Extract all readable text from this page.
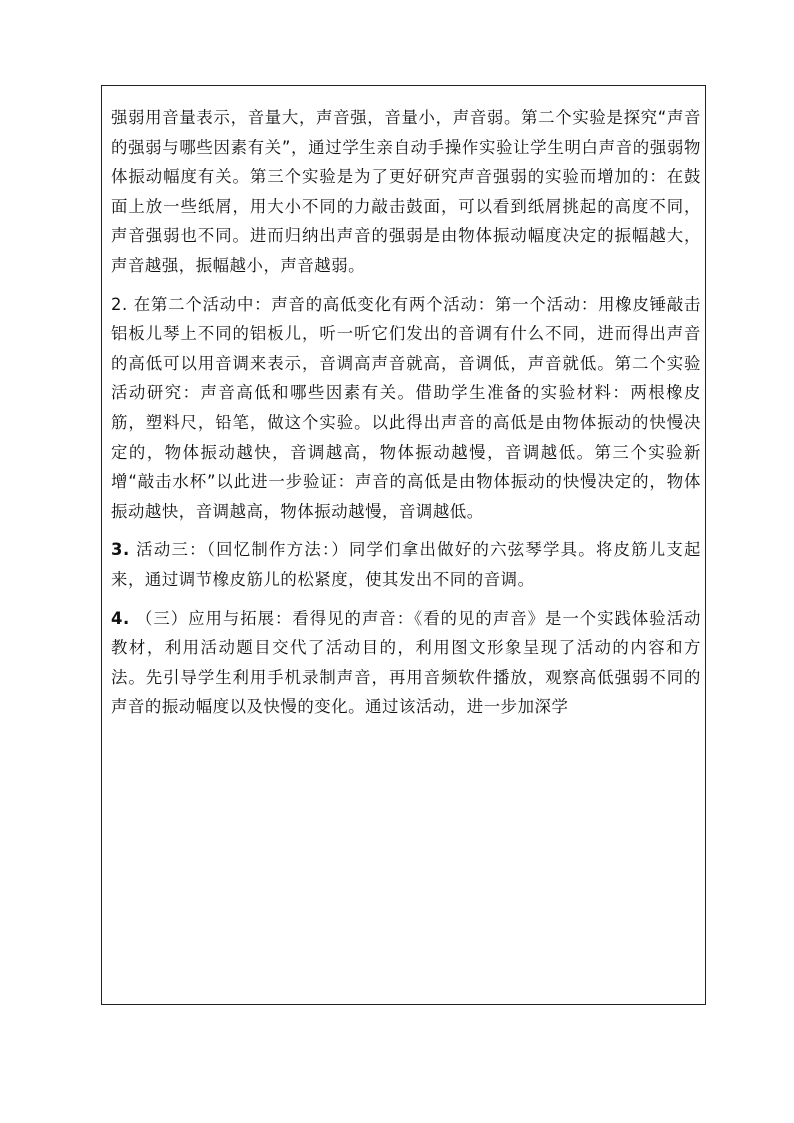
强弱用音量表示，音量大，声音强，音量小，声音弱。第二个实验是探究“声音的强弱与哪些因素有关”，通过学生亲自动手操作实验让学生明白声音的强弱物体振动幅度有关。第三个实验是为了更好研究声音强弱的实验而增加的：在鼓面上放一些纸屑，用大小不同的力敲击鼓面，可以看到纸屑挑起的高度不同，声音强弱也不同。进而归纳出声音的强弱是由物体振动幅度决定的振幅越大，声音越强，振幅越小，声音越弱。

2. 在第二个活动中：声音的高低变化有两个活动：第一个活动：用橡皮锤敲击铝板儿琴上不同的铝板儿，听一听它们发出的音调有什么不同，进而得出声音的高低可以用音调来表示，音调高声音就高，音调低，声音就低。第二个实验活动研究：声音高低和哪些因素有关。借助学生准备的实验材料：两根橡皮筋，塑料尺，铅笔，做这个实验。以此得出声音的高低是由物体振动的快慢决定的，物体振动越快，音调越高，物体振动越慢，音调越低。第三个实验新增“敲击水杯”以此进一步验证：声音的高低是由物体振动的快慢决定的，物体振动越快，音调越高，物体振动越慢，音调越低。

3. 活动三：（回忆制作方法：）同学们拿出做好的六弦琴学具。将皮筋儿支起来，通过调节橡皮筋儿的松紧度，使其发出不同的音调。

4. （三）应用与拓展：看得见的声音：《看的见的声音》是一个实践体验活动教材，利用活动题目交代了活动目的，利用图文形象呈现了活动的内容和方法。先引导学生利用手机录制声音，再用音频软件播放，观察高低强弱不同的声音的振动幅度以及快慢的变化。通过该活动，进一步加深学
